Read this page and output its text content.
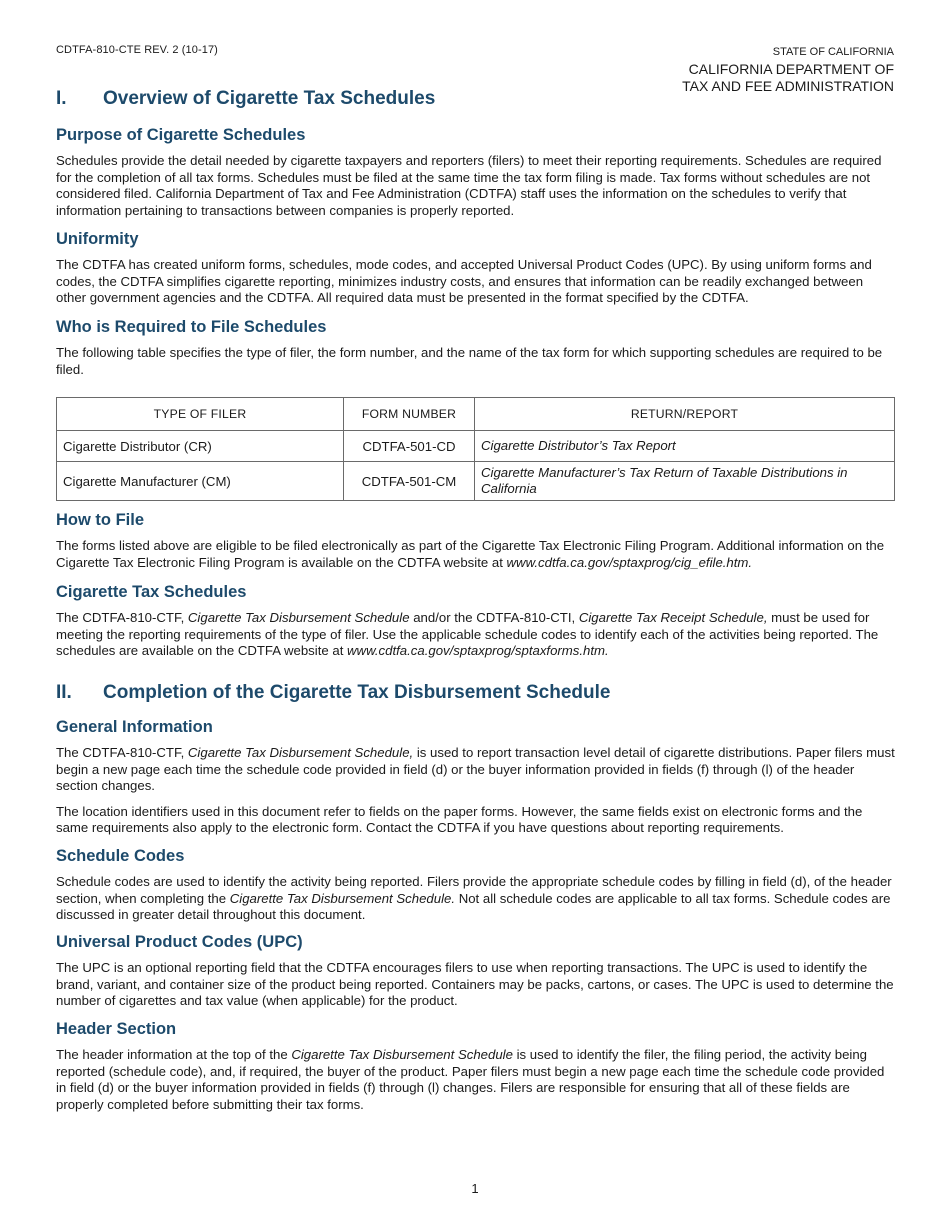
CDTFA-810-CTE REV. 2 (10-17)	STATE OF CALIFORNIA
CALIFORNIA DEPARTMENT OF
TAX AND FEE ADMINISTRATION
I. Overview of Cigarette Tax Schedules
Purpose of Cigarette Schedules

Schedules provide the detail needed by cigarette taxpayers and reporters (filers) to meet their reporting requirements. Schedules are required for the completion of all tax forms. Schedules must be filed at the same time the tax form filing is made. Tax forms without schedules are not considered filed. California Department of Tax and Fee Administration (CDTFA) staff uses the information on the schedules to verify that information pertaining to transactions between companies is properly reported.

Uniformity

The CDTFA has created uniform forms, schedules, mode codes, and accepted Universal Product Codes (UPC). By using uniform forms and codes, the CDTFA simplifies cigarette reporting, minimizes industry costs, and ensures that information can be readily exchanged between other government agencies and the CDTFA. All required data must be presented in the format specified by the CDTFA.

Who is Required to File Schedules

The following table specifies the type of filer, the form number, and the name of the tax form for which supporting schedules are required to be filed.

TYPE OF FILER	FORM NUMBER	RETURN/REPORT
Cigarette Distributor (CR)	CDTFA-501-CD	Cigarette Distributor’s Tax Report
Cigarette Manufacturer (CM)	CDTFA-501-CM	Cigarette Manufacturer’s Tax Return of Taxable Distributions in California
How to File

The forms listed above are eligible to be filed electronically as part of the Cigarette Tax Electronic Filing Program. Additional information on the Cigarette Tax Electronic Filing Program is available on the CDTFA website at www.cdtfa.ca.gov/sptaxprog/cig_efile.htm.

Cigarette Tax Schedules

The CDTFA-810-CTF, Cigarette Tax Disbursement Schedule and/or the CDTFA-810-CTI, Cigarette Tax Receipt Schedule, must be used for meeting the reporting requirements of the type of filer. Use the applicable schedule codes to identify each of the activities being reported. The schedules are available on the CDTFA website at www.cdtfa.ca.gov/sptaxprog/sptaxforms.htm.

II. Completion of the Cigarette Tax Disbursement Schedule
General Information

The CDTFA-810-CTF, Cigarette Tax Disbursement Schedule, is used to report transaction level detail of cigarette distributions. Paper filers must begin a new page each time the schedule code provided in field (d) or the buyer information provided in fields (f) through (l) of the header section changes.

The location identifiers used in this document refer to fields on the paper forms. However, the same fields exist on electronic forms and the same requirements also apply to the electronic form. Contact the CDTFA if you have questions about reporting requirements.

Schedule Codes

Schedule codes are used to identify the activity being reported. Filers provide the appropriate schedule codes by filling in field (d), of the header section, when completing the Cigarette Tax Disbursement Schedule. Not all schedule codes are applicable to all tax forms. Schedule codes are discussed in greater detail throughout this document.

Universal Product Codes (UPC)

The UPC is an optional reporting field that the CDTFA encourages filers to use when reporting transactions. The UPC is used to identify the brand, variant, and container size of the product being reported. Containers may be packs, cartons, or cases. The UPC is used to determine the number of cigarettes and tax value (when applicable) for the product.

Header Section

The header information at the top of the Cigarette Tax Disbursement Schedule is used to identify the filer, the filing period, the activity being reported (schedule code), and, if required, the buyer of the product. Paper filers must begin a new page each time the schedule code provided in field (d) or the buyer information provided in fields (f) through (l) changes. Filers are responsible for ensuring that all of these fields are properly completed before submitting their tax forms.

1
